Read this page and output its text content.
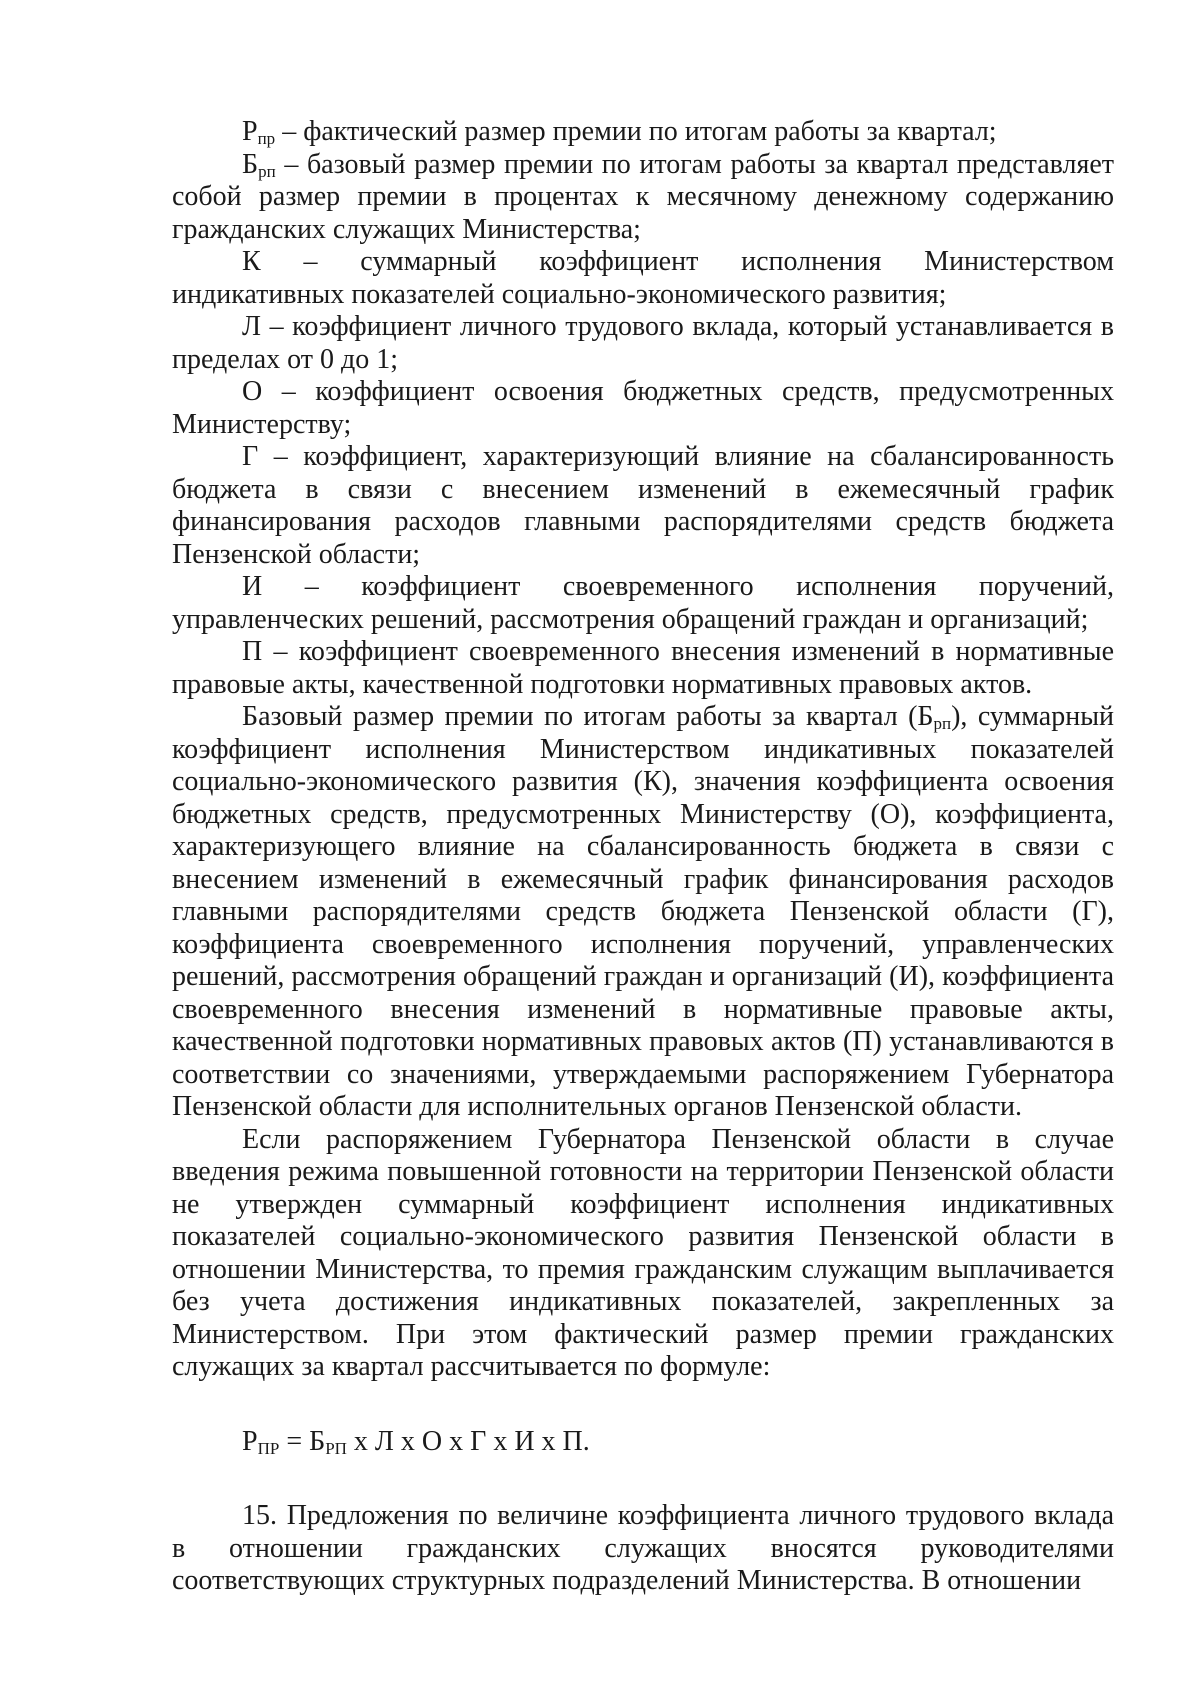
$Р_{пр}$ – фактический размер премии по итогам работы за квартал;

$Б_{рп}$ – базовый размер премии по итогам работы за квартал представляет собой размер премии в процентах к месячному денежному содержанию гражданских служащих Министерства;

К – суммарный коэффициент исполнения Министерством индикативных показателей социально-экономического развития;

Л – коэффициент личного трудового вклада, который устанавливается в пределах от 0 до 1;

О – коэффициент освоения бюджетных средств, предусмотренных Министерству;

Г – коэффициент, характеризующий влияние на сбалансированность бюджета в связи с внесением изменений в ежемесячный график финансирования расходов главными распорядителями средств бюджета Пензенской области;

И – коэффициент своевременного исполнения поручений, управленческих решений, рассмотрения обращений граждан и организаций;

П – коэффициент своевременного внесения изменений в нормативные правовые акты, качественной подготовки нормативных правовых актов.

Базовый размер премии по итогам работы за квартал $(Б_{рп})$, суммарный коэффициент исполнения Министерством индикативных показателей социально-экономического развития (К), значения коэффициента освоения бюджетных средств, предусмотренных Министерству (О), коэффициента, характеризующего влияние на сбалансированность бюджета в связи с внесением изменений в ежемесячный график финансирования расходов главными распорядителями средств бюджета Пензенской области (Г), коэффициента своевременного исполнения поручений, управленческих решений, рассмотрения обращений граждан и организаций (И), коэффициента своевременного внесения изменений в нормативные правовые акты, качественной подготовки нормативных правовых актов (П) устанавливаются в соответствии со значениями, утверждаемыми распоряжением Губернатора Пензенской области для исполнительных органов Пензенской области.

Если распоряжением Губернатора Пензенской области в случае введения режима повышенной готовности на территории Пензенской области не утвержден суммарный коэффициент исполнения индикативных показателей социально-экономического развития Пензенской области в отношении Министерства, то премия гражданским служащим выплачивается без учета достижения индикативных показателей, закрепленных за Министерством. При этом фактический размер премии гражданских служащих за квартал рассчитывается по формуле:

$Р_{ПР} = Б_{РП}$ х Л х О х Г х И х П.

15. Предложения по величине коэффициента личного трудового вклада в отношении гражданских служащих вносятся руководителями соответствующих структурных подразделений Министерства. В отношении
